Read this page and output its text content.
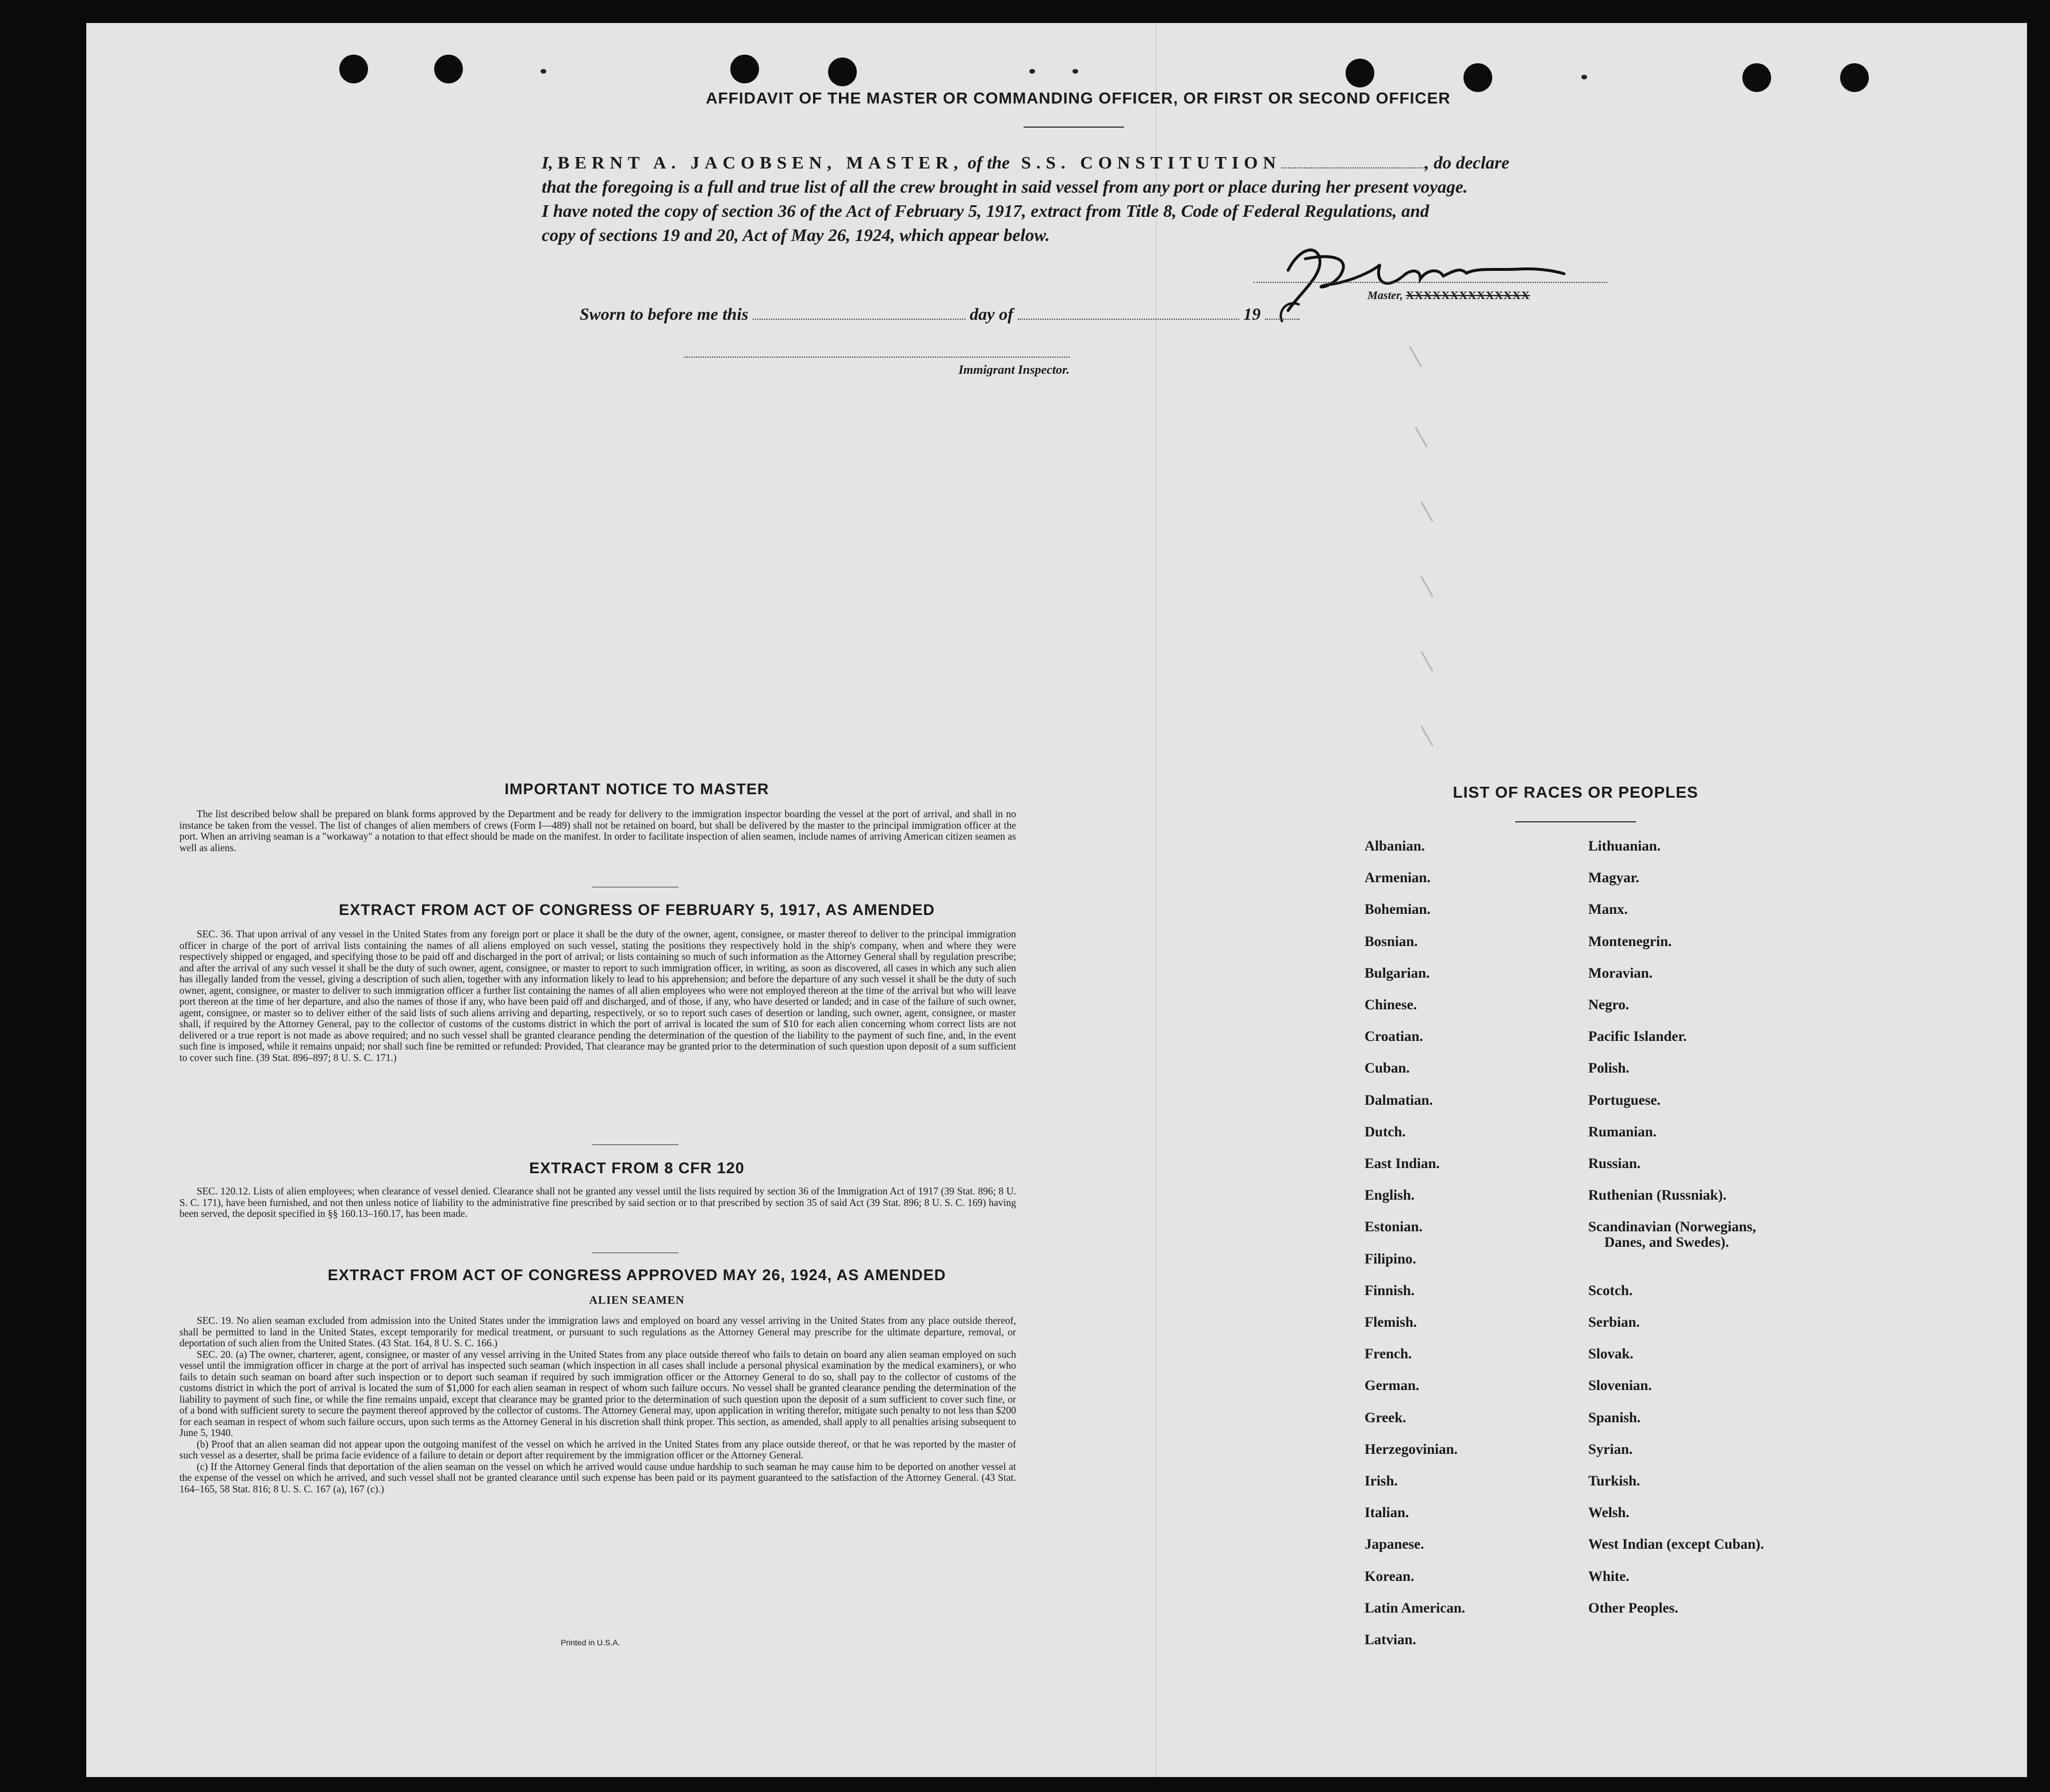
AFFIDAVIT OF THE MASTER OR COMMANDING OFFICER, OR FIRST OR SECOND OFFICER
I, BERNT A. JACOBSEN, MASTER, of the S.S. CONSTITUTION	, do declare
that the foregoing is a full and true list of all the crew brought in said vessel from any port or place during her present voyage.
I have noted the copy of section 36 of the Act of February 5, 1917, extract from Title 8, Code of Federal Regulations, and
copy of sections 19 and 20, Act of May 26, 1924, which appear below.
Master, XXXXXXXXXXXXXX
Sworn to before me this	day of	19
Immigrant Inspector.
IMPORTANT NOTICE TO MASTER

The list described below shall be prepared on blank forms approved by the Department and be ready for delivery to the immigration inspector boarding the vessel at the port of arrival, and shall in no instance be taken from the vessel. The list of changes of alien members of crews (Form I—489) shall not be retained on board, but shall be delivered by the master to the principal immigration officer at the port. When an arriving seaman is a "workaway" a notation to that effect should be made on the manifest. In order to facilitate inspection of alien seamen, include names of arriving American citizen seamen as well as aliens.

EXTRACT FROM ACT OF CONGRESS OF FEBRUARY 5, 1917, AS AMENDED

SEC. 36. That upon arrival of any vessel in the United States from any foreign port or place it shall be the duty of the owner, agent, consignee, or master thereof to deliver to the principal immigration officer in charge of the port of arrival lists containing the names of all aliens employed on such vessel, stating the positions they respectively hold in the ship's company, when and where they were respectively shipped or engaged, and specifying those to be paid off and discharged in the port of arrival; or lists containing so much of such information as the Attorney General shall by regulation prescribe; and after the arrival of any such vessel it shall be the duty of such owner, agent, consignee, or master to report to such immigration officer, in writing, as soon as discovered, all cases in which any such alien has illegally landed from the vessel, giving a description of such alien, together with any information likely to lead to his apprehension; and before the departure of any such vessel it shall be the duty of such owner, agent, consignee, or master to deliver to such immigration officer a further list containing the names of all alien employees who were not employed thereon at the time of the arrival but who will leave port thereon at the time of her departure, and also the names of those if any, who have been paid off and discharged, and of those, if any, who have deserted or landed; and in case of the failure of such owner, agent, consignee, or master so to deliver either of the said lists of such aliens arriving and departing, respectively, or so to report such cases of desertion or landing, such owner, agent, consignee, or master shall, if required by the Attorney General, pay to the collector of customs of the customs district in which the port of arrival is located the sum of $10 for each alien concerning whom correct lists are not delivered or a true report is not made as above required; and no such vessel shall be granted clearance pending the determination of the question of the liability to the payment of such fine, and, in the event such fine is imposed, while it remains unpaid; nor shall such fine be remitted or refunded: Provided, That clearance may be granted prior to the determination of such question upon deposit of a sum sufficient to cover such fine. (39 Stat. 896–897; 8 U. S. C. 171.)

EXTRACT FROM 8 CFR 120

SEC. 120.12. Lists of alien employees; when clearance of vessel denied. Clearance shall not be granted any vessel until the lists required by section 36 of the Immigration Act of 1917 (39 Stat. 896; 8 U. S. C. 171), have been furnished, and not then unless notice of liability to the administrative fine prescribed by said section or to that prescribed by section 35 of said Act (39 Stat. 896; 8 U. S. C. 169) having been served, the deposit specified in §§ 160.13–160.17, has been made.

EXTRACT FROM ACT OF CONGRESS APPROVED MAY 26, 1924, AS AMENDED
ALIEN SEAMEN

SEC. 19. No alien seaman excluded from admission into the United States under the immigration laws and employed on board any vessel arriving in the United States from any place outside thereof, shall be permitted to land in the United States, except temporarily for medical treatment, or pursuant to such regulations as the Attorney General may prescribe for the ultimate departure, removal, or deportation of such alien from the United States. (43 Stat. 164, 8 U. S. C. 166.)

SEC. 20. (a) The owner, charterer, agent, consignee, or master of any vessel arriving in the United States from any place outside thereof who fails to detain on board any alien seaman employed on such vessel until the immigration officer in charge at the port of arrival has inspected such seaman (which inspection in all cases shall include a personal physical examination by the medical examiners), or who fails to detain such seaman on board after such inspection or to deport such seaman if required by such immigration officer or the Attorney General to do so, shall pay to the collector of customs of the customs district in which the port of arrival is located the sum of $1,000 for each alien seaman in respect of whom such failure occurs. No vessel shall be granted clearance pending the determination of the liability to payment of such fine, or while the fine remains unpaid, except that clearance may be granted prior to the determination of such question upon the deposit of a sum sufficient to cover such fine, or of a bond with sufficient surety to secure the payment thereof approved by the collector of customs. The Attorney General may, upon application in writing therefor, mitigate such penalty to not less than $200 for each seaman in respect of whom such failure occurs, upon such terms as the Attorney General in his discretion shall think proper. This section, as amended, shall apply to all penalties arising subsequent to June 5, 1940.

(b) Proof that an alien seaman did not appear upon the outgoing manifest of the vessel on which he arrived in the United States from any place outside thereof, or that he was reported by the master of such vessel as a deserter, shall be prima facie evidence of a failure to detain or deport after requirement by the immigration officer or the Attorney General.

(c) If the Attorney General finds that deportation of the alien seaman on the vessel on which he arrived would cause undue hardship to such seaman he may cause him to be deported on another vessel at the expense of the vessel on which he arrived, and such vessel shall not be granted clearance until such expense has been paid or its payment guaranteed to the satisfaction of the Attorney General. (43 Stat. 164–165, 58 Stat. 816; 8 U. S. C. 167 (a), 167 (c).)

Printed in U.S.A.
LIST OF RACES OR PEOPLES
Albanian.
Armenian.
Bohemian.
Bosnian.
Bulgarian.
Chinese.
Croatian.
Cuban.
Dalmatian.
Dutch.
East Indian.
English.
Estonian.
Filipino.
Finnish.
Flemish.
French.
German.
Greek.
Herzegovinian.
Irish.
Italian.
Japanese.
Korean.
Latin American.
Latvian.
Lithuanian.
Magyar.
Manx.
Montenegrin.
Moravian.
Negro.
Pacific Islander.
Polish.
Portuguese.
Rumanian.
Russian.
Ruthenian (Russniak).
Scandinavian (Norwegians,
Danes, and Swedes).
Scotch.
Serbian.
Slovak.
Slovenian.
Spanish.
Syrian.
Turkish.
Welsh.
West Indian (except Cuban).
White.
Other Peoples.
